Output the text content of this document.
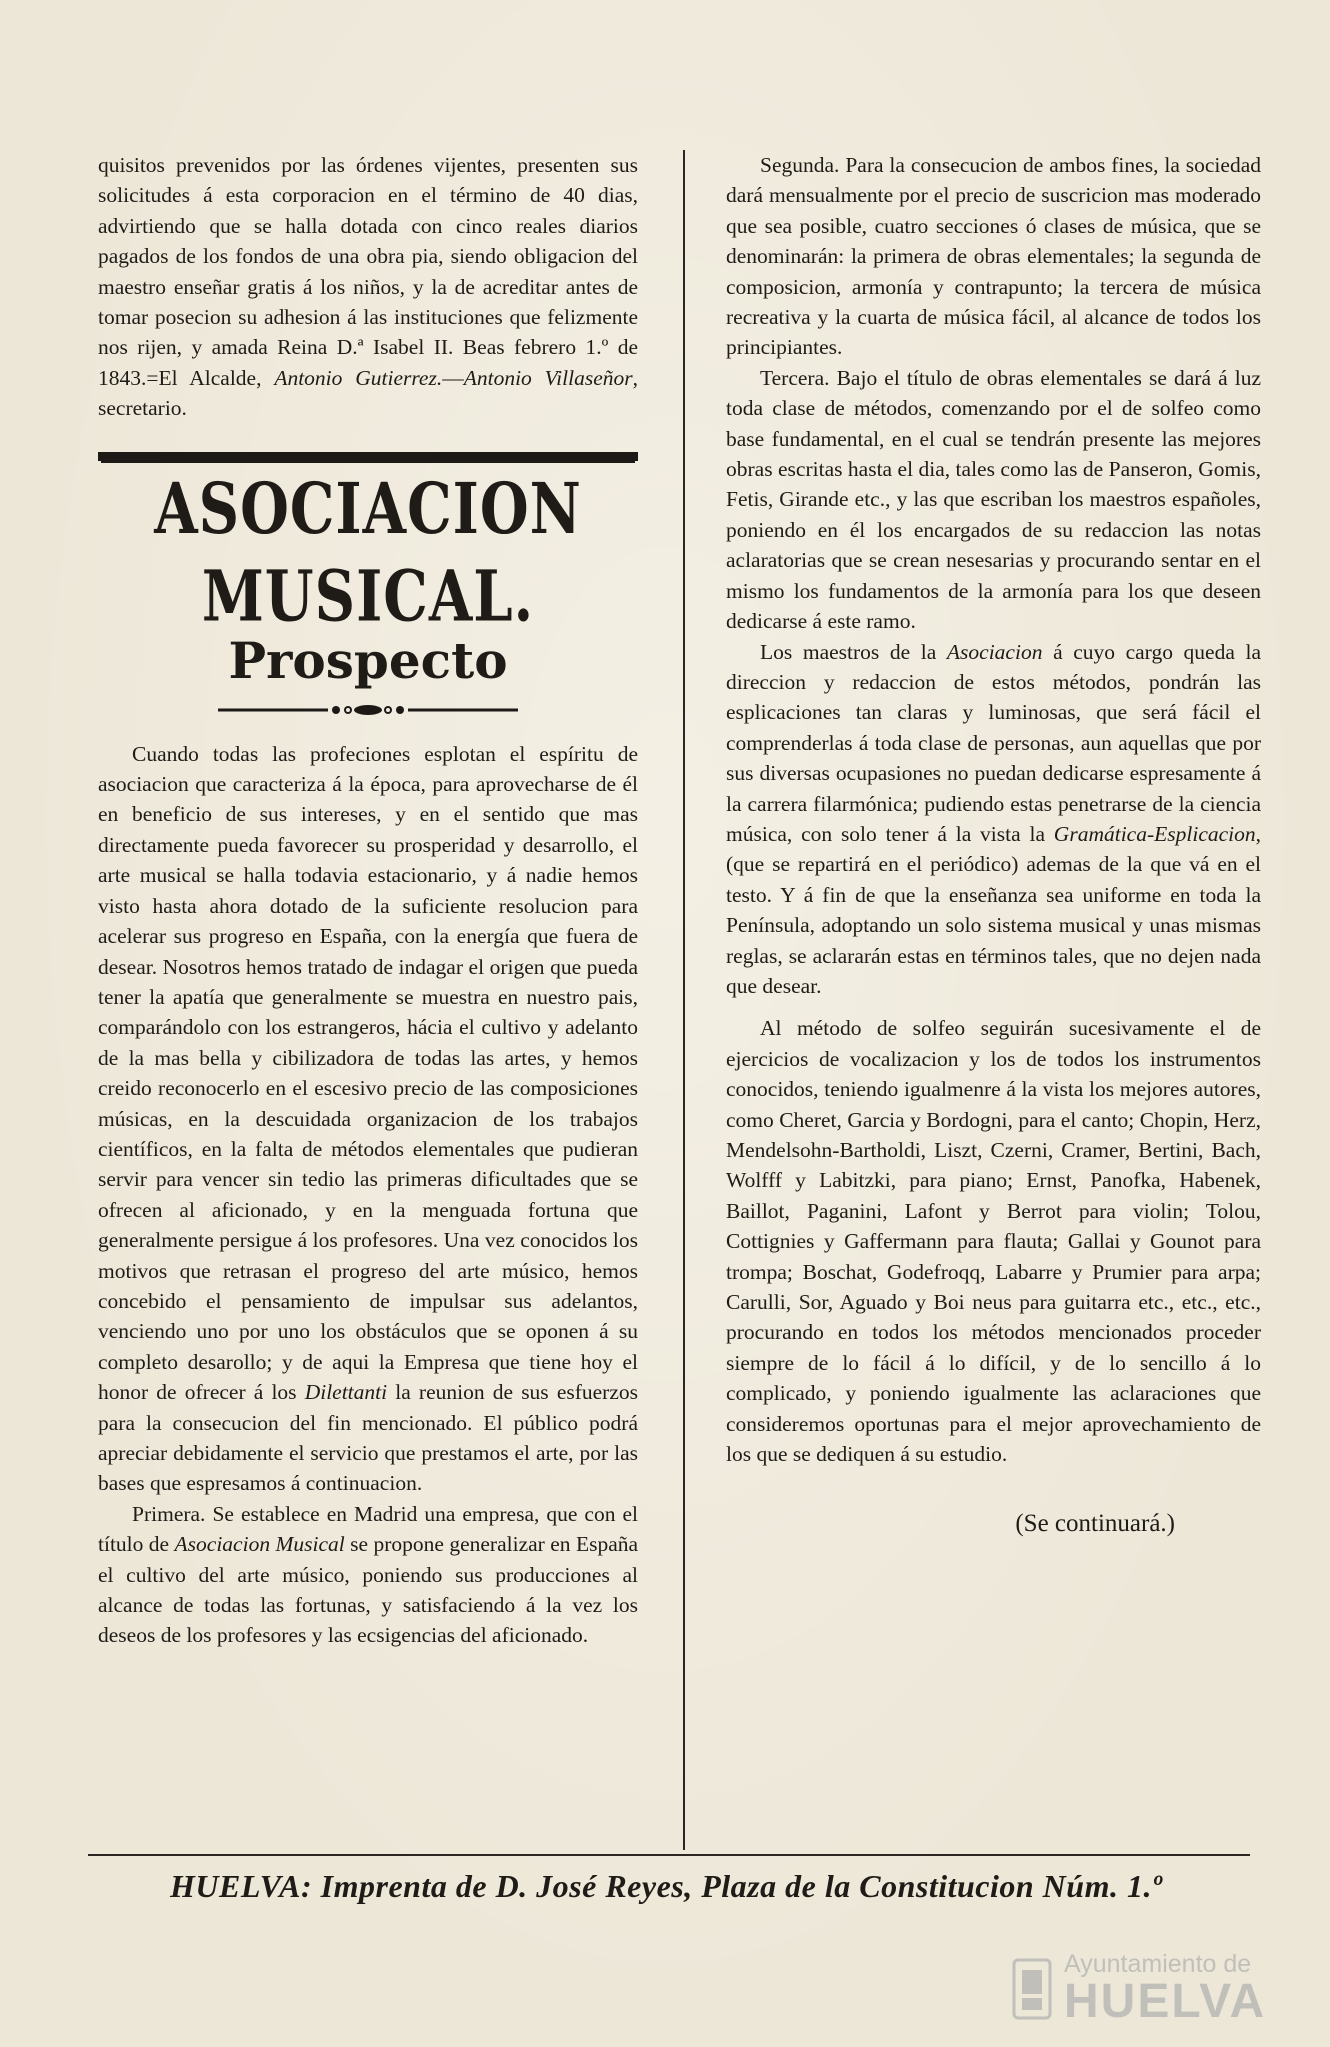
quisitos prevenidos por las órdenes vijentes, presenten sus solicitudes á esta corporacion en el término de 40 dias, advirtiendo que se halla dotada con cinco reales diarios pagados de los fondos de una obra pia, siendo obligacion del maestro enseñar gratis á los niños, y la de acreditar antes de tomar posecion su adhesion á las instituciones que felizmente nos rijen, y amada Reina D.ª Isabel II. Beas febrero 1.º de 1843.=El Alcalde, Antonio Gutierrez.—Antonio Villaseñor, secretario.

ASOCIACION MUSICAL.
Prospecto

Cuando todas las profeciones esplotan el espíritu de asociacion que caracteriza á la época, para aprovecharse de él en beneficio de sus intereses, y en el sentido que mas directamente pueda favorecer su prosperidad y desarrollo, el arte musical se halla todavia estacionario, y á nadie hemos visto hasta ahora dotado de la suficiente resolucion para acelerar sus progreso en España, con la energía que fuera de desear. Nosotros hemos tratado de indagar el origen que pueda tener la apatía que generalmente se muestra en nuestro pais, comparándolo con los estrangeros, hácia el cultivo y adelanto de la mas bella y cibilizadora de todas las artes, y hemos creido reconocerlo en el escesivo precio de las composiciones músicas, en la descuidada organizacion de los trabajos científicos, en la falta de métodos elementales que pudieran servir para vencer sin tedio las primeras dificultades que se ofrecen al aficionado, y en la menguada fortuna que generalmente persigue á los profesores. Una vez conocidos los motivos que retrasan el progreso del arte músico, hemos concebido el pensamiento de impulsar sus adelantos, venciendo uno por uno los obstáculos que se oponen á su completo desarollo; y de aqui la Empresa que tiene hoy el honor de ofrecer á los Dilettanti la reunion de sus esfuerzos para la consecucion del fin mencionado. El público podrá apreciar debidamente el servicio que prestamos el arte, por las bases que espresamos á continuacion.

Primera. Se establece en Madrid una empresa, que con el título de Asociacion Musical se propone generalizar en España el cultivo del arte músico, poniendo sus producciones al alcance de todas las fortunas, y satisfaciendo á la vez los deseos de los profesores y las ecsigencias del aficionado.

Segunda. Para la consecucion de ambos fines, la sociedad dará mensualmente por el precio de suscricion mas moderado que sea posible, cuatro secciones ó clases de música, que se denominarán: la primera de obras elementales; la segunda de composicion, armonía y contrapunto; la tercera de música recreativa y la cuarta de música fácil, al alcance de todos los principiantes.

Tercera. Bajo el título de obras elementales se dará á luz toda clase de métodos, comenzando por el de solfeo como base fundamental, en el cual se tendrán presente las mejores obras escritas hasta el dia, tales como las de Panseron, Gomis, Fetis, Girande etc., y las que escriban los maestros españoles, poniendo en él los encargados de su redaccion las notas aclaratorias que se crean nesesarias y procurando sentar en el mismo los fundamentos de la armonía para los que deseen dedicarse á este ramo.

Los maestros de la Asociacion á cuyo cargo queda la direccion y redaccion de estos métodos, pondrán las esplicaciones tan claras y luminosas, que será fácil el comprenderlas á toda clase de personas, aun aquellas que por sus diversas ocupasiones no puedan dedicarse espresamente á la carrera filarmónica; pudiendo estas penetrarse de la ciencia música, con solo tener á la vista la Gramática-Esplicacion, (que se repartirá en el periódico) ademas de la que vá en el testo. Y á fin de que la enseñanza sea uniforme en toda la Península, adoptando un solo sistema musical y unas mismas reglas, se aclararán estas en términos tales, que no dejen nada que desear.

Al método de solfeo seguirán sucesivamente el de ejercicios de vocalizacion y los de todos los instrumentos conocidos, teniendo igualmenre á la vista los mejores autores, como Cheret, Garcia y Bordogni, para el canto; Chopin, Herz, Mendelsohn-Bartholdi, Liszt, Czerni, Cramer, Bertini, Bach, Wolfff y Labitzki, para piano; Ernst, Panofka, Habenek, Baillot, Paganini, Lafont y Berrot para violin; Tolou, Cottignies y Gaffermann para flauta; Gallai y Gounot para trompa; Boschat, Godefroqq, Labarre y Prumier para arpa; Carulli, Sor, Aguado y Boi neus para guitarra etc., etc., etc., procurando en todos los métodos mencionados proceder siempre de lo fácil á lo difícil, y de lo sencillo á lo complicado, y poniendo igualmente las aclaraciones que consideremos oportunas para el mejor aprovechamiento de los que se dediquen á su estudio.

(Se continuará.)
HUELVA: Imprenta de D. José Reyes, Plaza de la Constitucion Núm. 1.º
Ayuntamiento de
HUELVA
